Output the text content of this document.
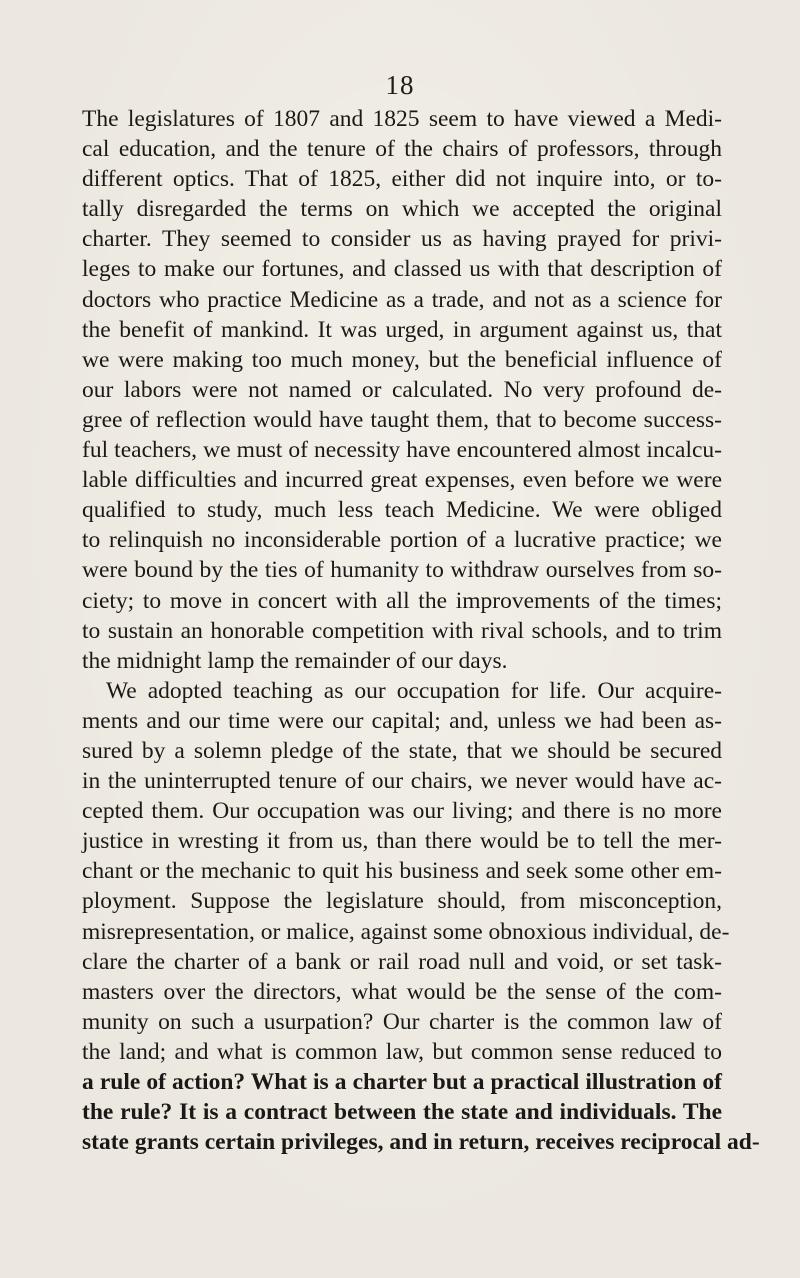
18
The legislatures of 1807 and 1825 seem to have viewed a Medi-
cal education, and the tenure of the chairs of professors, through
different optics. That of 1825, either did not inquire into, or to-
tally disregarded the terms on which we accepted the original
charter. They seemed to consider us as having prayed for privi-
leges to make our fortunes, and classed us with that description of
doctors who practice Medicine as a trade, and not as a science for
the benefit of mankind. It was urged, in argument against us, that
we were making too much money, but the beneficial influence of
our labors were not named or calculated. No very profound de-
gree of reflection would have taught them, that to become success-
ful teachers, we must of necessity have encountered almost incalcu-
lable difficulties and incurred great expenses, even before we were
qualified to study, much less teach Medicine. We were obliged
to relinquish no inconsiderable portion of a lucrative practice; we
were bound by the ties of humanity to withdraw ourselves from so-
ciety; to move in concert with all the improvements of the times;
to sustain an honorable competition with rival schools, and to trim
the midnight lamp the remainder of our days.
We adopted teaching as our occupation for life. Our acquire-
ments and our time were our capital; and, unless we had been as-
sured by a solemn pledge of the state, that we should be secured
in the uninterrupted tenure of our chairs, we never would have ac-
cepted them. Our occupation was our living; and there is no more
justice in wresting it from us, than there would be to tell the mer-
chant or the mechanic to quit his business and seek some other em-
ployment. Suppose the legislature should, from misconception,
misrepresentation, or malice, against some obnoxious individual, de-
clare the charter of a bank or rail road null and void, or set task-
masters over the directors, what would be the sense of the com-
munity on such a usurpation? Our charter is the common law of
the land; and what is common law, but common sense reduced to
a rule of action? What is a charter but a practical illustration of
the rule? It is a contract between the state and individuals. The
state grants certain privileges, and in return, receives reciprocal ad-
